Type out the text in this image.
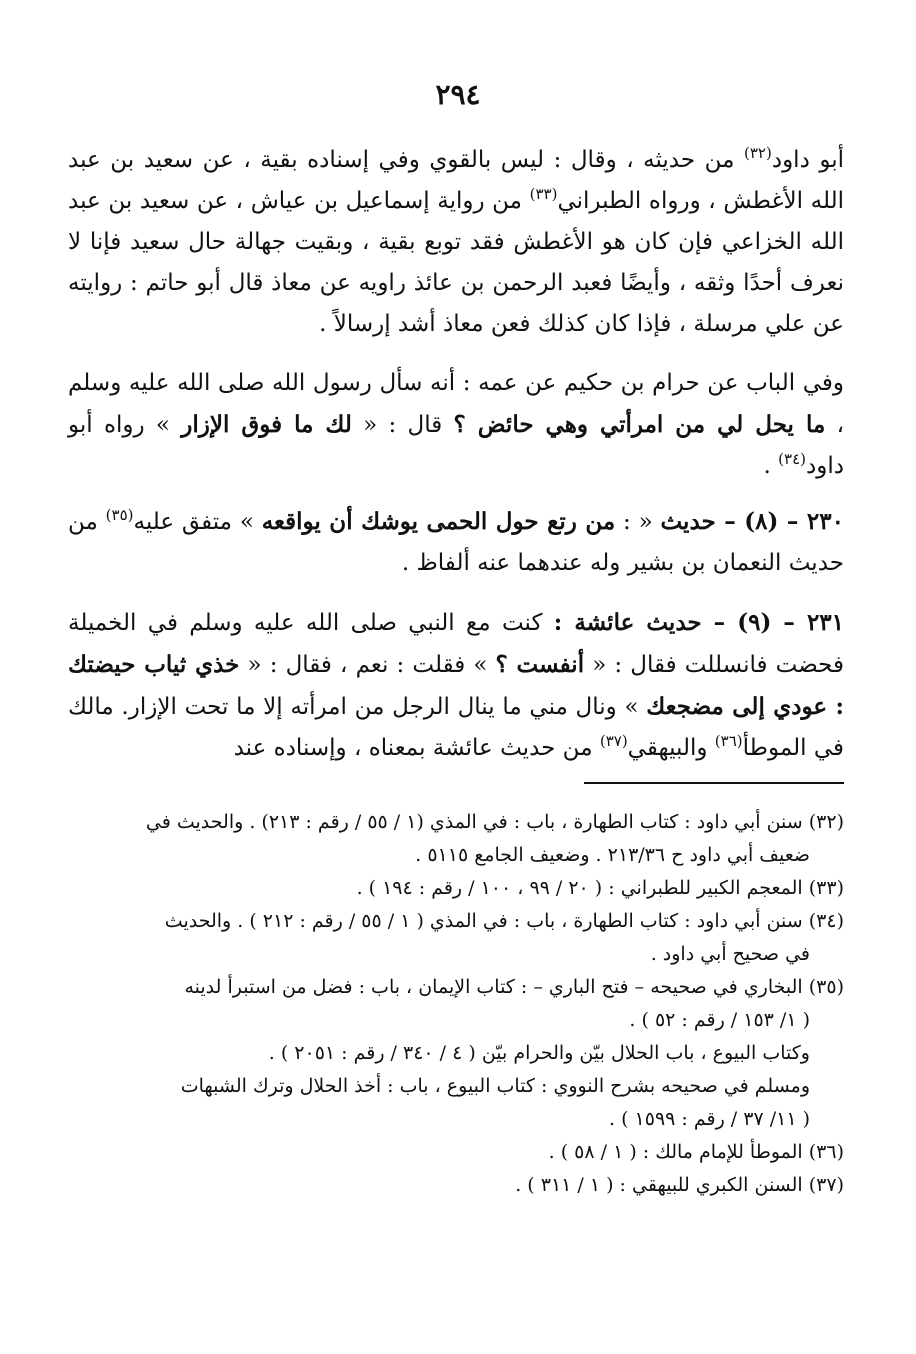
٢٩٤

أبو داود$^{(٣٢)}$ من حديثه ، وقال : ليس بالقوي وفي إسناده بقية ، عن سعيد بن عبد الله الأغطش ، ورواه الطبراني$^{(٣٣)}$ من رواية إسماعيل بن عياش ، عن سعيد بن عبد الله الخزاعي فإن كان هو الأغطش فقد توبع بقية ، وبقيت جهالة حال سعيد فإنا لا نعرف أحدًا وثقه ، وأيضًا فعبد الرحمن بن عائذ راويه عن معاذ قال أبو حاتم : روايته عن علي مرسلة ، فإذا كان كذلك فعن معاذ أشد إرسالاً .

وفي الباب عن حرام بن حكيم عن عمه : أنه سأل رسول الله صلى الله عليه وسلم ، ما يحل لي من امرأتي وهي حائض ؟ قال : « لك ما فوق الإزار » رواه أبو داود$^{(٣٤)}$ .

٢٣٠ – (٨) – حديث « : من رتع حول الحمى يوشك أن يواقعه » متفق عليه$^{(٣٥)}$ من حديث النعمان بن بشير وله عندهما عنه ألفاظ .

٢٣١ – (٩) – حديث عائشة : كنت مع النبي صلى الله عليه وسلم في الخميلة فحضت فانسللت فقال : « أنفست ؟ » فقلت : نعم ، فقال : « خذي ثياب حيضتك : عودي إلى مضجعك » ونال مني ما ينال الرجل من امرأته إلا ما تحت الإزار. مالك في الموطأ$^{(٣٦)}$ والبيهقي$^{(٣٧)}$ من حديث عائشة بمعناه ، وإسناده عند

(٣٢) سنن أبي داود : كتاب الطهارة ، باب : في المذي (١ / ٥٥ / رقم : ٢١٣) . والحديث في
ضعيف أبي داود ح ٢١٣/٣٦ . وضعيف الجامع ٥١١٥ .

(٣٣) المعجم الكبير للطبراني : ( ٢٠ / ٩٩ ، ١٠٠ / رقم : ١٩٤ ) .

(٣٤) سنن أبي داود : كتاب الطهارة ، باب : في المذي ( ١ / ٥٥ / رقم : ٢١٢ ) . والحديث
في صحيح أبي داود .

(٣٥) البخاري في صحيحه – فتح الباري – : كتاب الإيمان ، باب : فضل من استبرأ لدينه
( ١/ ١٥٣ / رقم : ٥٢ ) .
وكتاب البيوع ، باب الحلال بيّن والحرام بيّن ( ٤ / ٣٤٠ / رقم : ٢٠٥١ ) .
ومسلم في صحيحه بشرح النووي : كتاب البيوع ، باب : أخذ الحلال وترك الشبهات
( ١١/ ٣٧ / رقم : ١٥٩٩ ) .

(٣٦) الموطأ للإمام مالك : ( ١ / ٥٨ ) .

(٣٧) السنن الكبري للبيهقي : ( ١ / ٣١١ ) .
